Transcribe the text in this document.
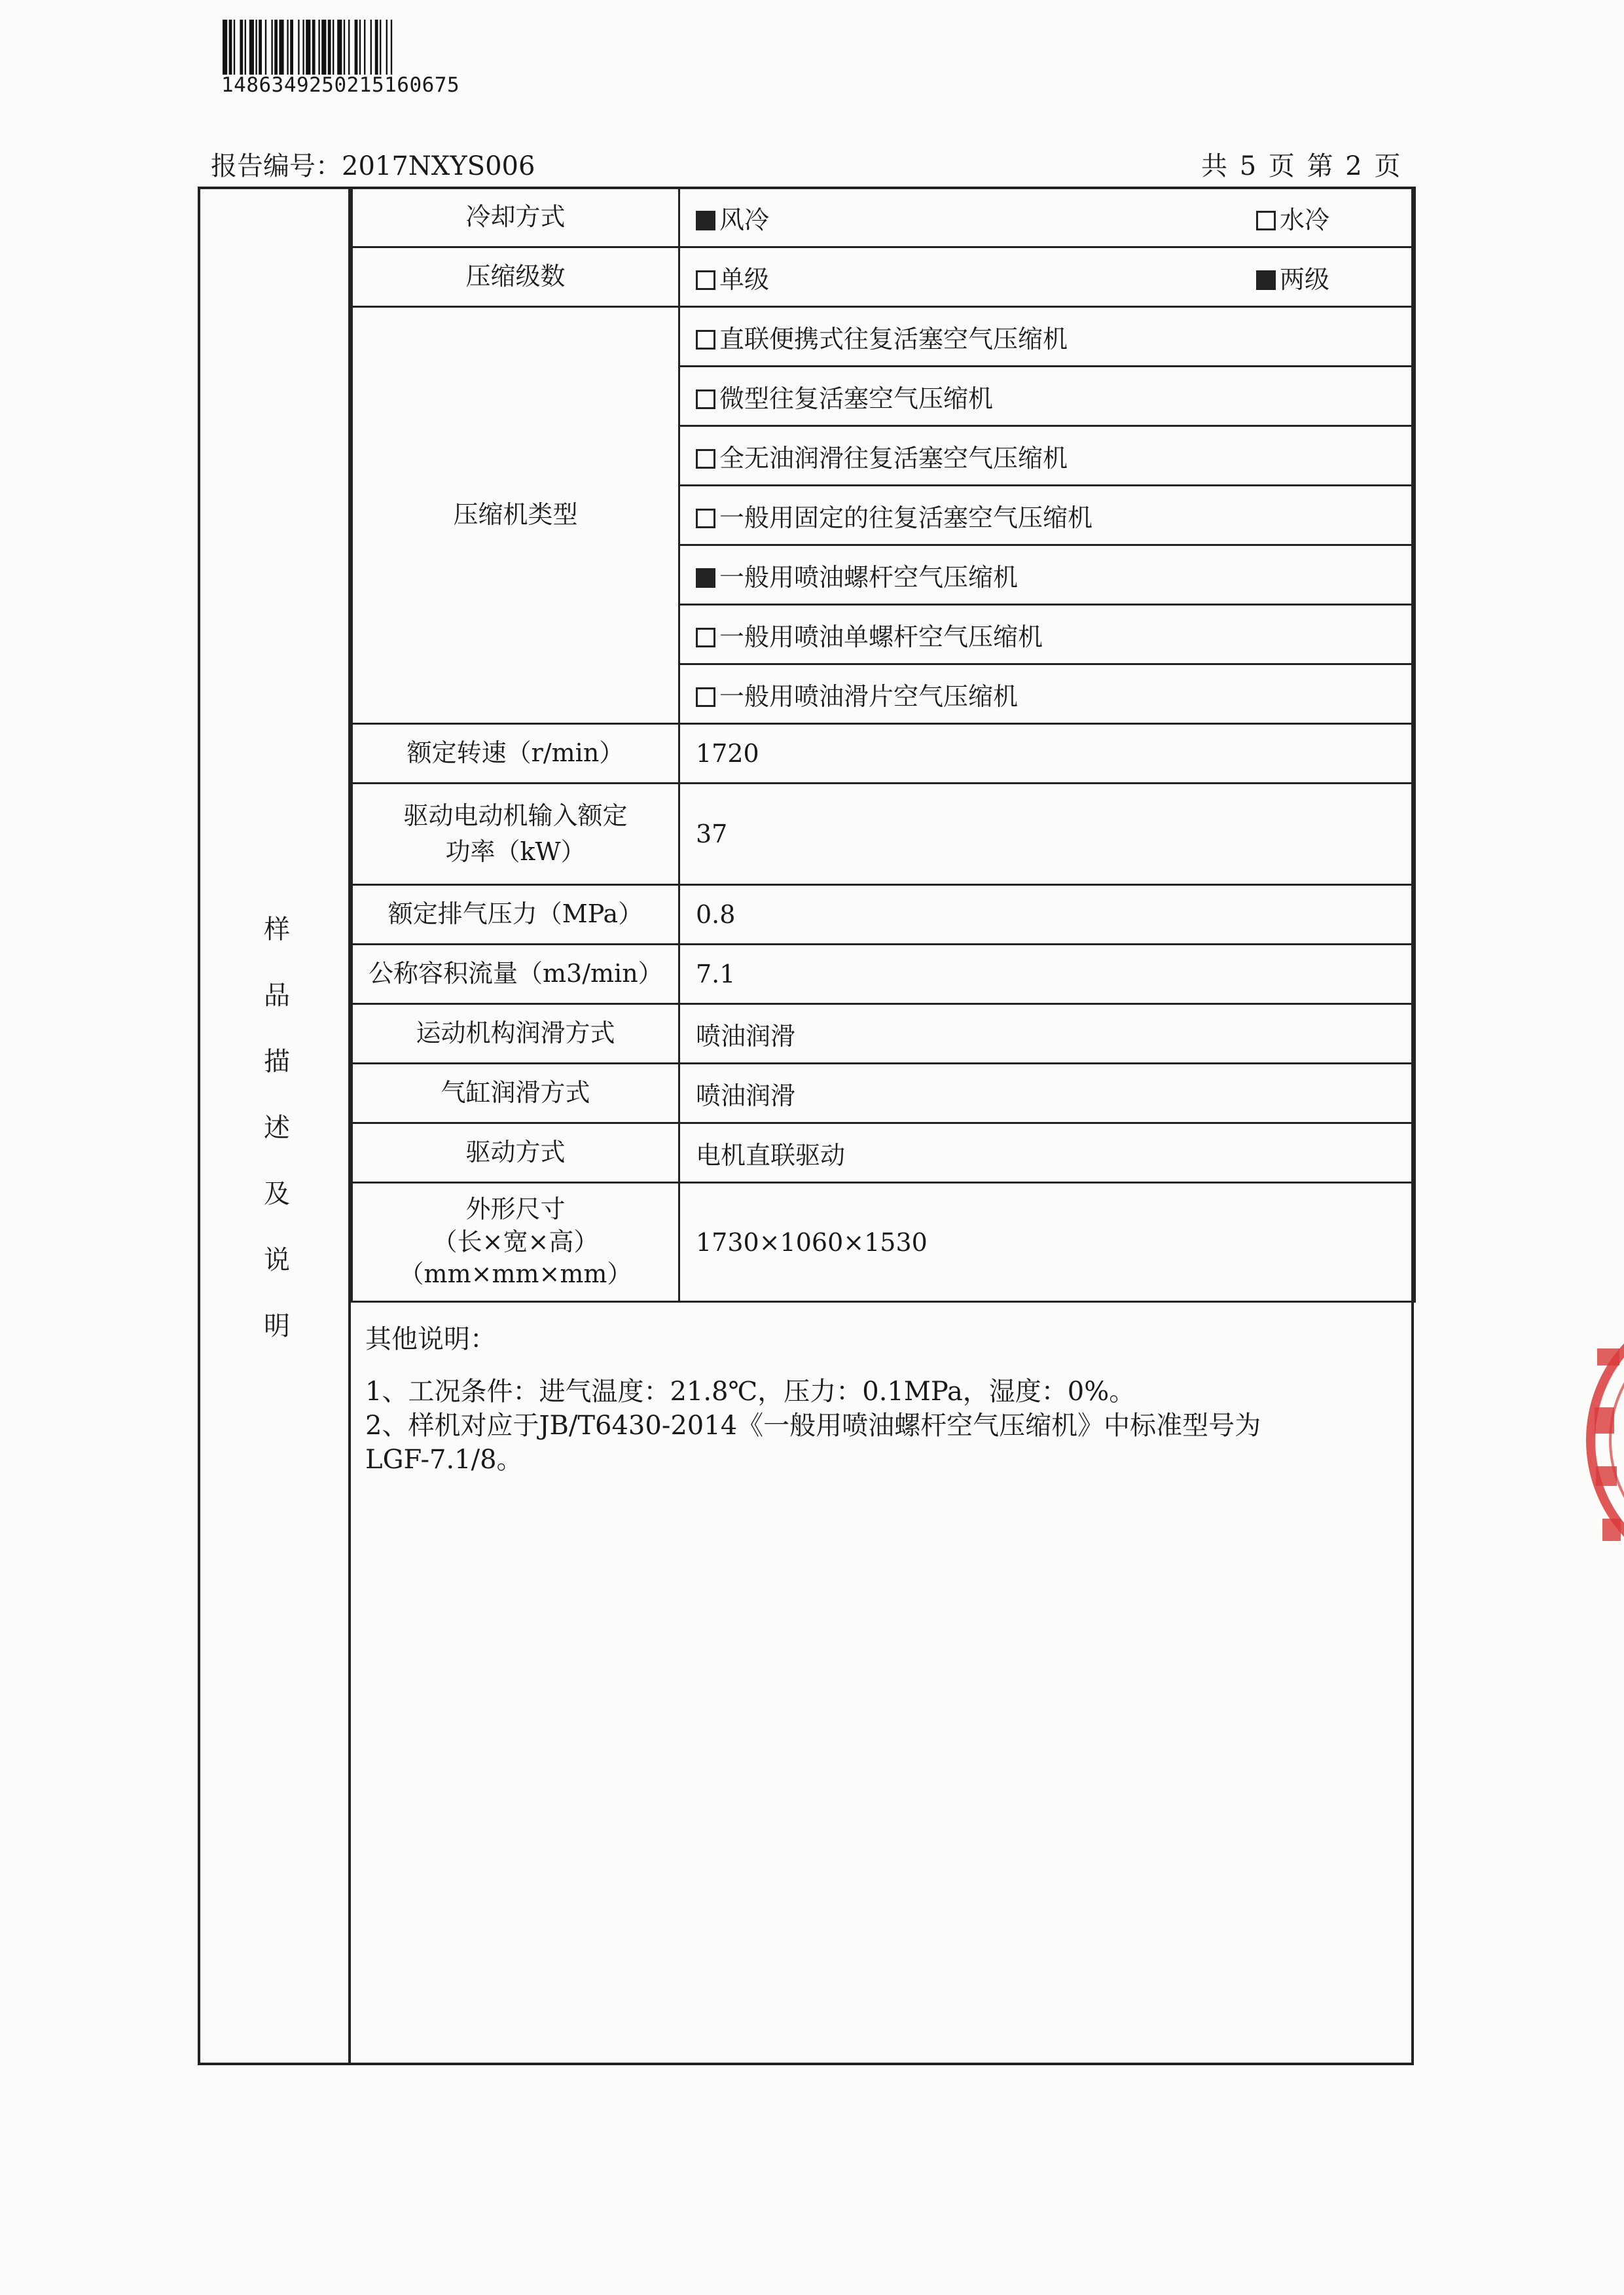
1486349250215160675
报告编号：2017NXYS006	共 5 页 第 2 页
样
品
描
述
及
说
明
冷却方式	风冷 水冷

压缩级数	单级 两级

压缩机类型	直联便携式往复活塞空气压缩机
	微型往复活塞空气压缩机
	全无油润滑往复活塞空气压缩机
	一般用固定的往复活塞空气压缩机
	一般用喷油螺杆空气压缩机
	一般用喷油单螺杆空气压缩机
	一般用喷油滑片空气压缩机
额定转速（r/min）	1720

驱动电动机输入额定
功率（kW）	37
额定排气压力（MPa）	0.8
公称容积流量（m3/min）	7.1
运动机构润滑方式	喷油润滑
气缸润滑方式	喷油润滑
驱动方式	电机直联驱动

外形尺寸
（长×宽×高）
（mm×mm×mm）	1730×1060×1530
其他说明：
1、工况条件：进气温度：21.8℃，压力：0.1MPa，湿度：0%。
2、样机对应于JB/T6430-2014《一般用喷油螺杆空气压缩机》中标准型号为
LGF-7.1/8。
